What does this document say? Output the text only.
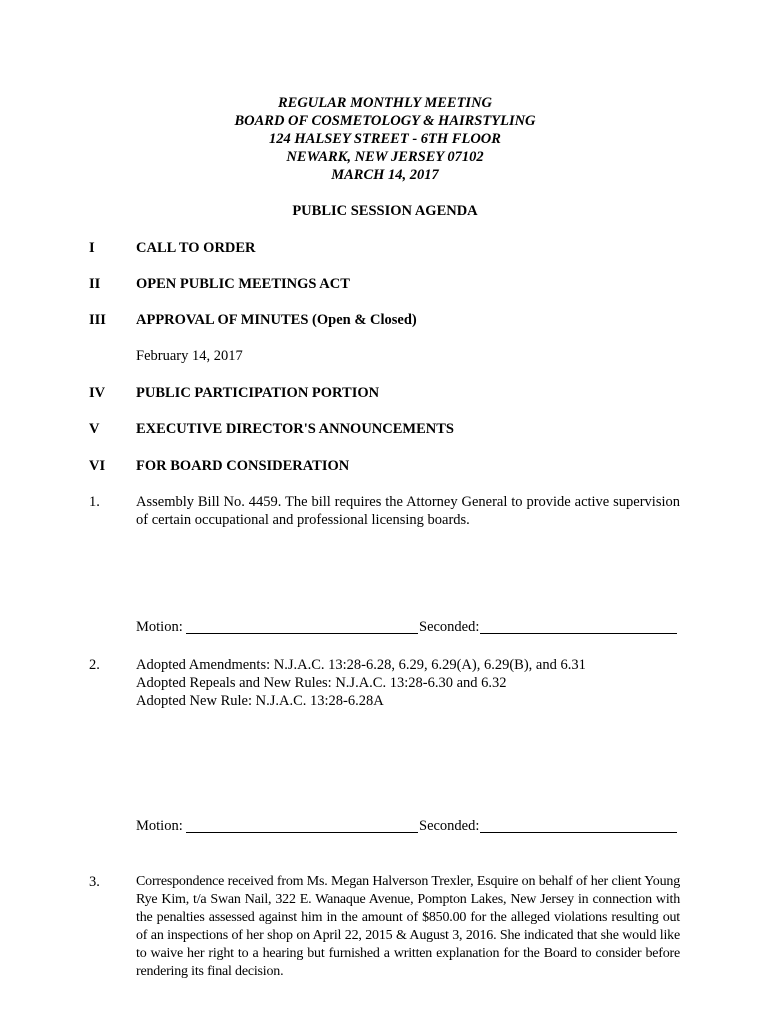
REGULAR MONTHLY MEETING
BOARD OF COSMETOLOGY & HAIRSTYLING
124 HALSEY STREET - 6TH FLOOR
NEWARK, NEW JERSEY 07102
MARCH 14, 2017
PUBLIC SESSION AGENDA
I	CALL TO ORDER
II OPEN PUBLIC MEETINGS ACT
III APPROVAL OF MINUTES (Open & Closed)
February 14, 2017
IV PUBLIC PARTICIPATION PORTION
V	EXECUTIVE DIRECTOR'S ANNOUNCEMENTS
VI FOR BOARD CONSIDERATION
1. Assembly Bill No. 4459. The bill requires the Attorney General to provide active supervision of certain occupational and professional licensing boards.
Motion:	Seconded:
2. Adopted Amendments: N.J.A.C. 13:28-6.28, 6.29, 6.29(A), 6.29(B), and 6.31
Adopted Repeals and New Rules: N.J.A.C. 13:28-6.30 and 6.32
Adopted New Rule: N.J.A.C. 13:28-6.28A
Motion:	Seconded:
3.	Correspondence received from Ms. Megan Halverson Trexler, Esquire on behalf of her client Young Rye Kim, t/a Swan Nail, 322 E. Wanaque Avenue, Pompton Lakes, New Jersey in connection with the penalties assessed against him in the amount of $850.00 for the alleged violations resulting out of an inspections of her shop on April 22, 2015 & August 3, 2016. She indicated that she would like to waive her right to a hearing but furnished a written explanation for the Board to consider before rendering its final decision.
